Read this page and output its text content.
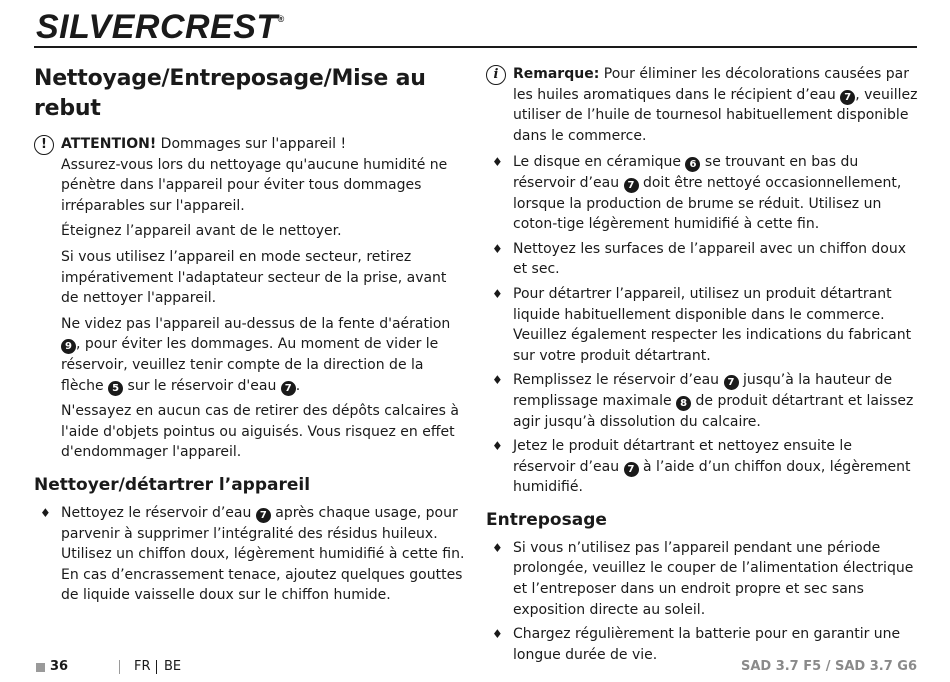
SILVERCREST®
Nettoyage/Entreposage/Mise au rebut
!	ATTENTION! Dommages sur l'appareil !
Assurez-vous lors du nettoyage qu'aucune humidité ne pénètre dans l'appareil pour éviter tous dommages irréparables sur l'appareil.

Éteignez l’appareil avant de le nettoyer.

Si vous utilisez l’appareil en mode secteur, retirez impérativement l'adaptateur secteur de la prise, avant de nettoyer l'appareil.

Ne videz pas l'appareil au-dessus de la fente d'aération 9 , pour éviter les dommages. Au moment de vider le réservoir, veuillez tenir compte de la direction de la flèche 5 sur le réservoir d'eau 7 .

N'essayez en aucun cas de retirer des dépôts calcaires à l'aide d'objets pointus ou aiguisés. Vous risquez en effet d'endommager l'appareil.

Nettoyer/détartrer l’appareil
♦ Nettoyez le réservoir d’eau 7 après chaque usage, pour parvenir à supprimer l’intégralité des résidus huileux. Utilisez un chiffon doux, légèrement humidifié à cette fin. En cas d’encrassement tenace, ajoutez quelques gouttes de liquide vaisselle doux sur le chiffon humide.
i	Remarque: Pour éliminer les décolorations causées par les huiles aromatiques dans le récipient d’eau 7 , veuillez utiliser de l’huile de tournesol habituellement disponible dans le commerce.

♦ Le disque en céramique 6 se trouvant en bas du réservoir d’eau 7 doit être nettoyé occasionnellement, lorsque la production de brume se réduit. Utilisez un coton-tige légèrement humidifié à cette fin.
♦ Nettoyez les surfaces de l’appareil avec un chiffon doux et sec.
♦ Pour détartrer l’appareil, utilisez un produit détartrant liquide habituellement disponible dans le commerce. Veuillez également respecter les indications du fabricant sur votre produit détartrant.
♦ Remplissez le réservoir d’eau 7 jusqu’à la hauteur de remplissage maximale 8 de produit détartrant et laissez agir jusqu’à dissolution du calcaire.
♦ Jetez le produit détartrant et nettoyez ensuite le réservoir d’eau 7 à l’aide d’un chiffon doux, légèrement humidifié.
Entreposage
♦ Si vous n’utilisez pas l’appareil pendant une période prolongée, veuillez le couper de l’alimentation électrique et l’entreposer dans un endroit propre et sec sans exposition directe au soleil.
♦ Chargez régulièrement la batterie pour en garantir une longue durée de vie.
36	FR BE	SAD 3.7 F5 / SAD 3.7 G6
